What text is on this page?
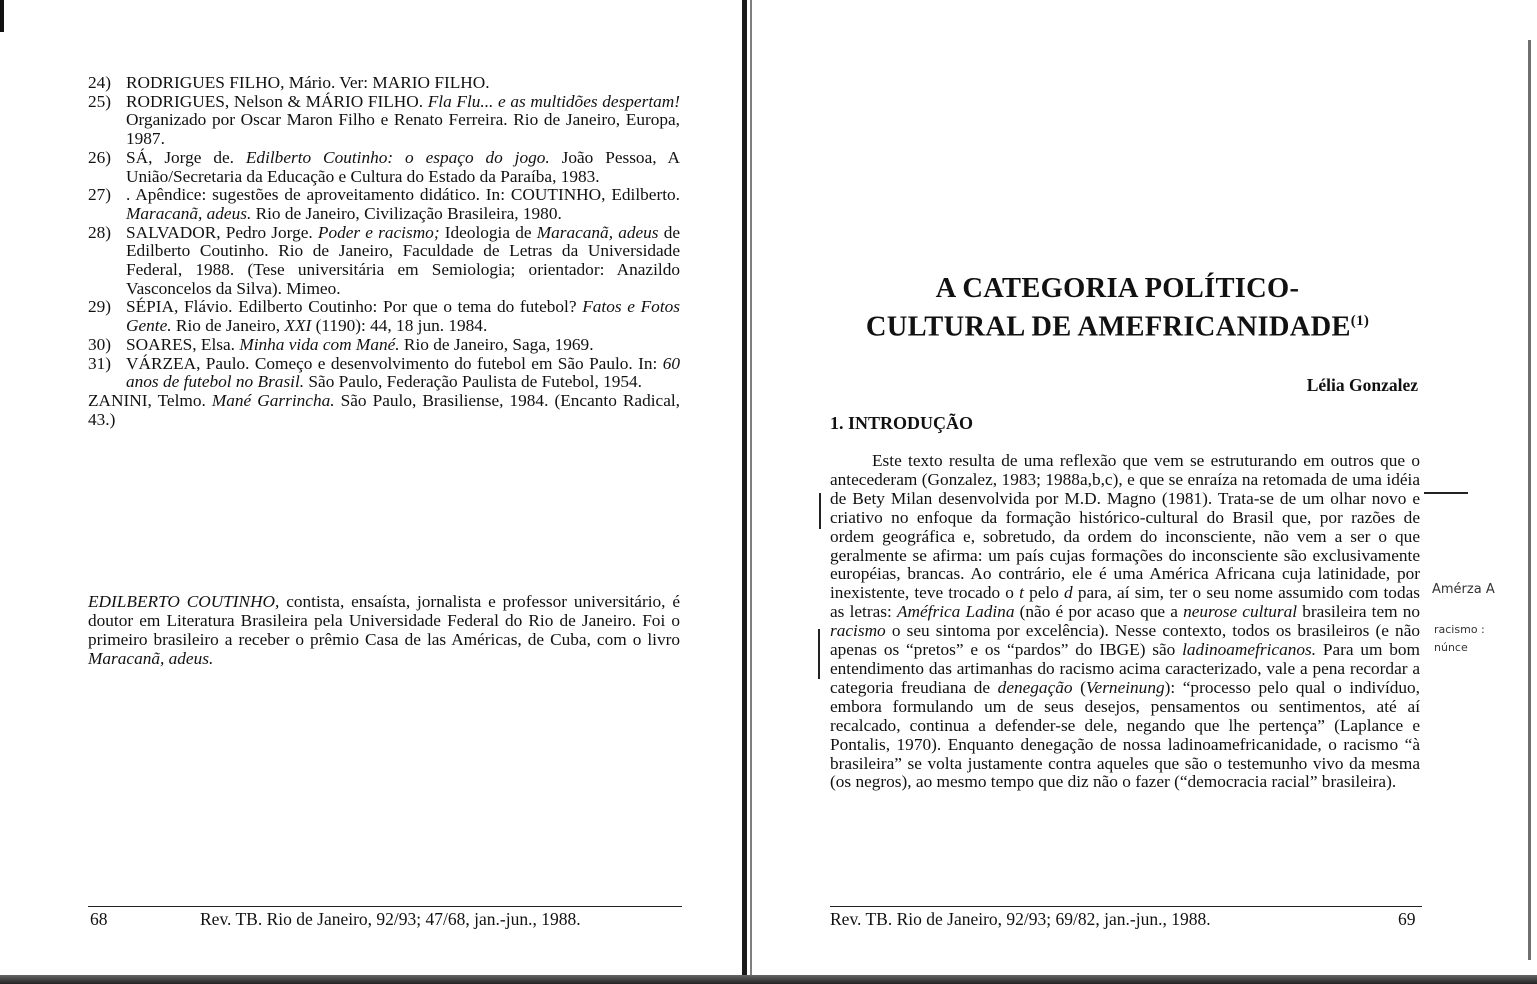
24) RODRIGUES FILHO, Mário. Ver: MARIO FILHO.
25) RODRIGUES, Nelson & MÁRIO FILHO. Fla Flu... e as multidões despertam! Organizado por Oscar Maron Filho e Renato Ferreira. Rio de Janeiro, Europa, 1987.
26) SÁ, Jorge de. Edilberto Coutinho: o espaço do jogo. João Pessoa, A União/Secretaria da Educação e Cultura do Estado da Paraíba, 1983.
27) . Apêndice: sugestões de aproveitamento didático. In: COUTINHO, Edilberto. Maracanã, adeus. Rio de Janeiro, Civilização Brasileira, 1980.
28) SALVADOR, Pedro Jorge. Poder e racismo; Ideologia de Maracanã, adeus de Edilberto Coutinho. Rio de Janeiro, Faculdade de Letras da Universidade Federal, 1988. (Tese universitária em Semiologia; orientador: Anazildo Vasconcelos da Silva). Mimeo.
29) SÉPIA, Flávio. Edilberto Coutinho: Por que o tema do futebol? Fatos e Fotos Gente. Rio de Janeiro, XXI (1190): 44, 18 jun. 1984.
30) SOARES, Elsa. Minha vida com Mané. Rio de Janeiro, Saga, 1969.
31) VÁRZEA, Paulo. Começo e desenvolvimento do futebol em São Paulo. In: 60 anos de futebol no Brasil. São Paulo, Federação Paulista de Futebol, 1954.
ZANINI, Telmo. Mané Garrincha. São Paulo, Brasiliense, 1984. (Encanto Radical, 43.)
EDILBERTO COUTINHO, contista, ensaísta, jornalista e professor universitário, é doutor em Literatura Brasileira pela Universidade Federal do Rio de Janeiro. Foi o primeiro brasileiro a receber o prêmio Casa de las Américas, de Cuba, com o livro Maracanã, adeus.
68	Rev. TB. Rio de Janeiro, 92/93; 47/68, jan.-jun., 1988.
A CATEGORIA POLÍTICO-
CULTURAL DE AMEFRICANIDADE$^{(1)}$
Lélia Gonzalez
1. INTRODUÇÃO

Este texto resulta de uma reflexão que vem se estruturando em outros que o antecederam (Gonzalez, 1983; 1988a,b,c), e que se enraíza na retomada de uma idéia de Bety Milan desenvolvida por M.D. Magno (1981). Trata-se de um olhar novo e criativo no enfoque da formação histórico-cultural do Brasil que, por razões de ordem geográfica e, sobretudo, da ordem do inconsciente, não vem a ser o que geralmente se afirma: um país cujas formações do inconsciente são exclusivamente européias, brancas. Ao contrário, ele é uma América Africana cuja latinidade, por inexistente, teve trocado o t pelo d para, aí sim, ter o seu nome assumido com todas as letras: Améfrica Ladina (não é por acaso que a neurose cultural brasileira tem no racismo o seu sintoma por excelência). Nesse contexto, todos os brasileiros (e não apenas os “pretos” e os “pardos” do IBGE) são ladinoamefricanos. Para um bom entendimento das artimanhas do racismo acima caracterizado, vale a pena recordar a categoria freudiana de denegação (Verneinung): “processo pelo qual o indivíduo, embora formulando um de seus desejos, pensamentos ou sentimentos, até aí recalcado, continua a defender-se dele, negando que lhe pertença” (Laplance e Pontalis, 1970). Enquanto denegação de nossa ladinoamefricanidade, o racismo “à brasileira” se volta justamente contra aqueles que são o testemunho vivo da mesma (os negros), ao mesmo tempo que diz não o fazer (“democracia racial” brasileira).

Amérza A
racismo :
núnce
Rev. TB. Rio de Janeiro, 92/93; 69/82, jan.-jun., 1988.	69
